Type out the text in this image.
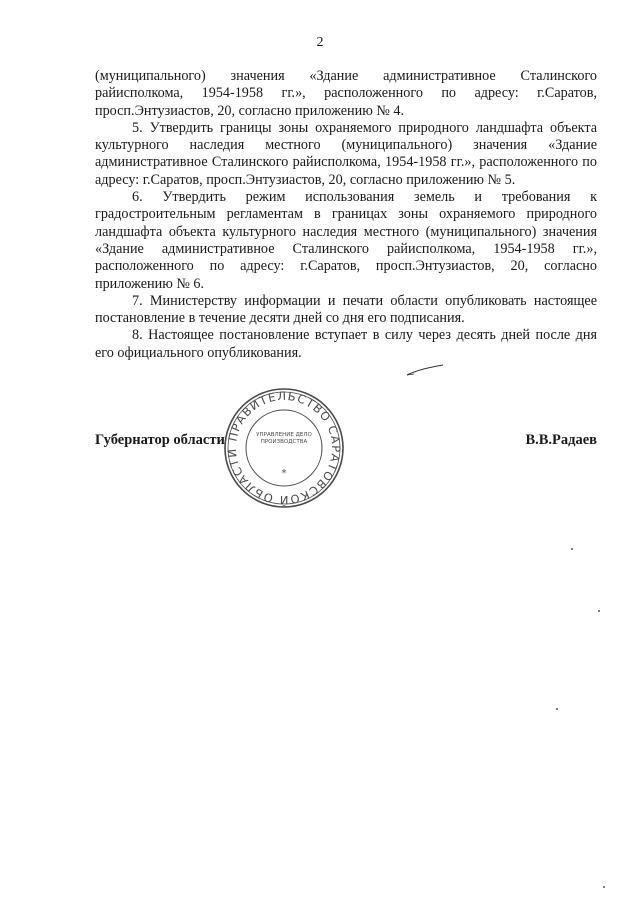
2

(муниципального) значения «Здание административное Сталинского райисполкома, 1954-1958 гг.», расположенного по адресу: г.Саратов, просп.Энтузиастов, 20, согласно приложению № 4.

5. Утвердить границы зоны охраняемого природного ландшафта объекта культурного наследия местного (муниципального) значения «Здание административное Сталинского райисполкома, 1954-1958 гг.», расположенного по адресу: г.Саратов, просп.Энтузиастов, 20, согласно приложению № 5.

6. Утвердить режим использования земель и требования к градостроительным регламентам в границах зоны охраняемого природного ландшафта объекта культурного наследия местного (муниципального) значения «Здание административное Сталинского райисполкома, 1954-1958 гг.», расположенного по адресу: г.Саратов, просп.Энтузиастов, 20, согласно приложению № 6.

7. Министерству информации и печати области опубликовать настоящее постановление в течение десяти дней со дня его подписания.

8. Настоящее постановление вступает в силу через десять дней после дня его официального опубликования.

Губернатор области	В.В.Радаев
ПРАВИТЕЛЬСТВО САРАТОВСКОЙ ОБЛАСТИ
*
УПРАВЛЕНИЕ ДЕЛОПРОИЗВОДСТВА
